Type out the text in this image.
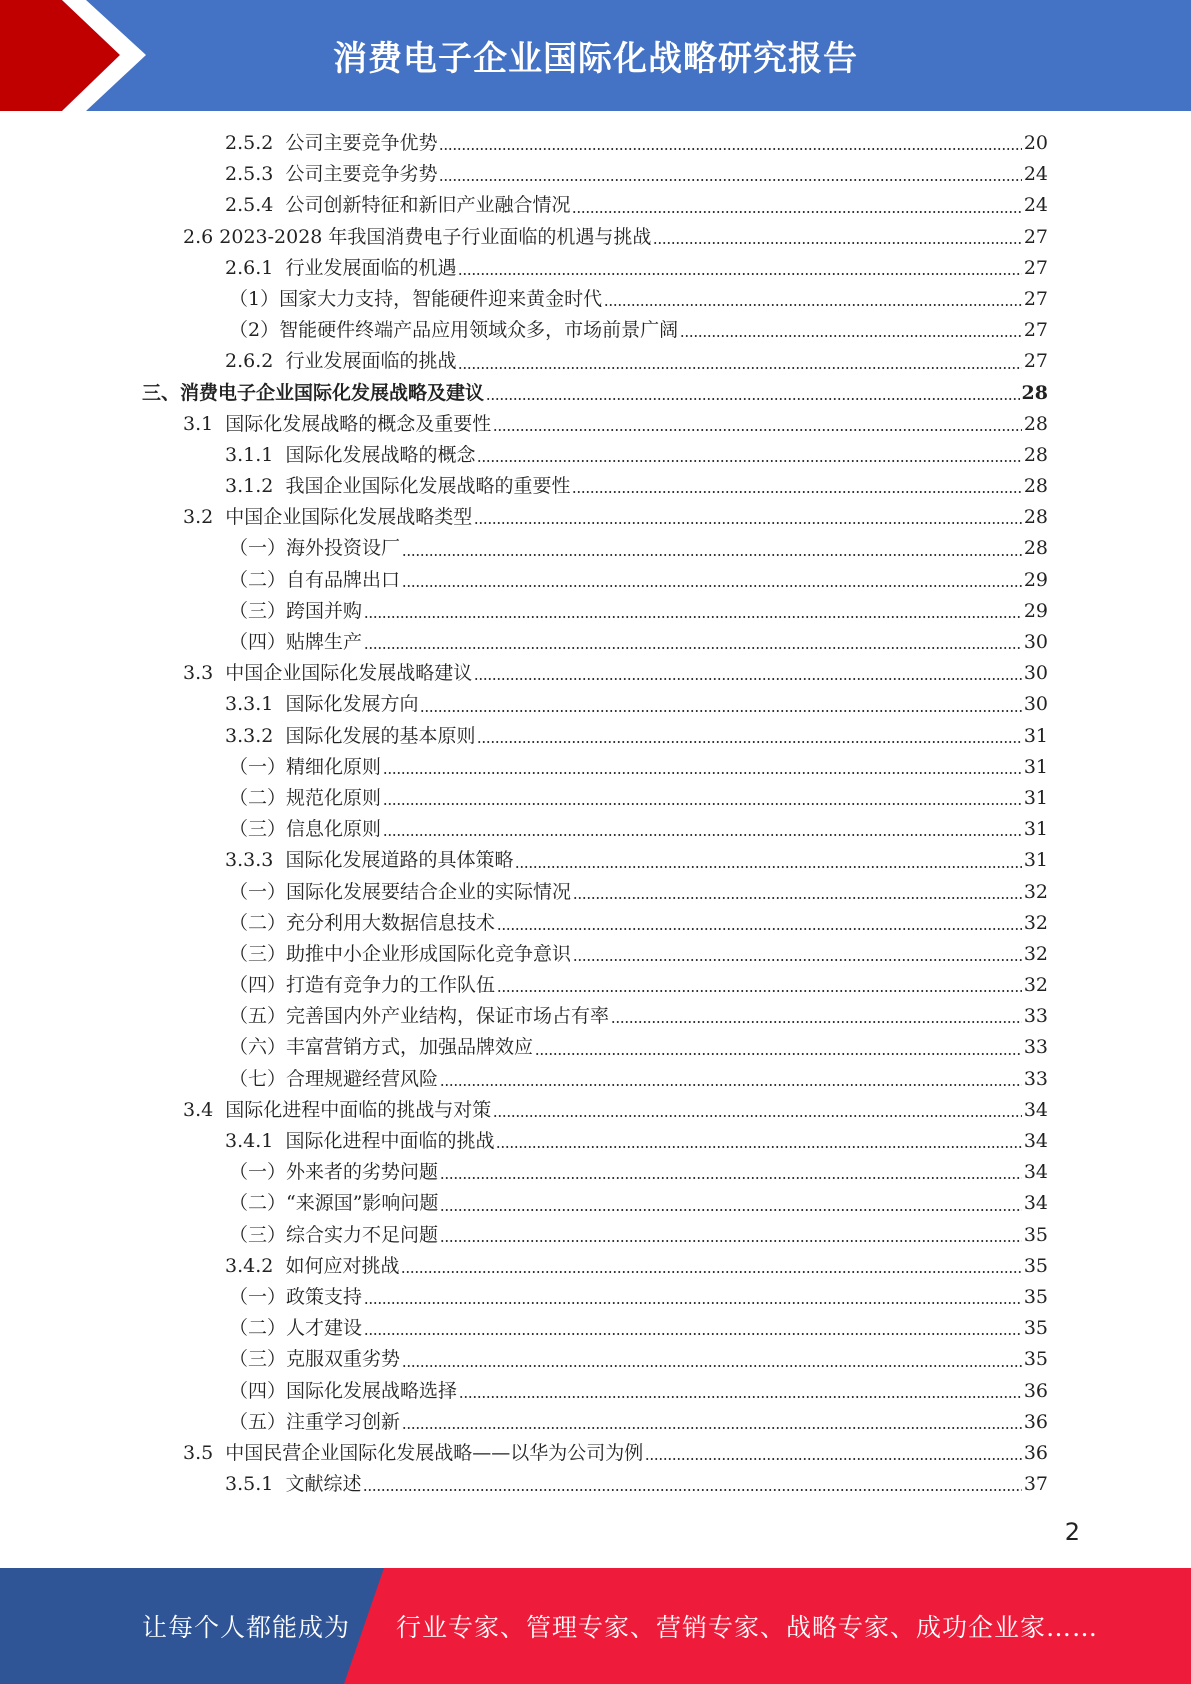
消费电子企业国际化战略研究报告
2.5.2 公司主要竞争优势	20
2.5.3 公司主要竞争劣势	24
2.5.4 公司创新特征和新旧产业融合情况	24
2.6 2023-2028 年我国消费电子行业面临的机遇与挑战	27
2.6.1 行业发展面临的机遇	27
（1）国家大力支持，智能硬件迎来黄金时代	27
（2）智能硬件终端产品应用领域众多，市场前景广阔	27
2.6.2 行业发展面临的挑战	27
三、消费电子企业国际化发展战略及建议	28
3.1 国际化发展战略的概念及重要性	28
3.1.1 国际化发展战略的概念	28
3.1.2 我国企业国际化发展战略的重要性	28
3.2 中国企业国际化发展战略类型	28
（一）海外投资设厂	28
（二）自有品牌出口	29
（三）跨国并购	29
（四）贴牌生产	30
3.3 中国企业国际化发展战略建议	30
3.3.1 国际化发展方向	30
3.3.2 国际化发展的基本原则	31
（一）精细化原则	31
（二）规范化原则	31
（三）信息化原则	31
3.3.3 国际化发展道路的具体策略	31
（一）国际化发展要结合企业的实际情况	32
（二）充分利用大数据信息技术	32
（三）助推中小企业形成国际化竞争意识	32
（四）打造有竞争力的工作队伍	32
（五）完善国内外产业结构，保证市场占有率	33
（六）丰富营销方式，加强品牌效应	33
（七）合理规避经营风险	33
3.4 国际化进程中面临的挑战与对策	34
3.4.1 国际化进程中面临的挑战	34
（一）外来者的劣势问题	34
（二）“来源国”影响问题	34
（三）综合实力不足问题	35
3.4.2 如何应对挑战	35
（一）政策支持	35
（二）人才建设	35
（三）克服双重劣势	35
（四）国际化发展战略选择	36
（五）注重学习创新	36
3.5 中国民营企业国际化发展战略——以华为公司为例	36
3.5.1 文献综述	37
2
让每个人都能成为	行业专家、管理专家、营销专家、战略专家、成功企业家……
